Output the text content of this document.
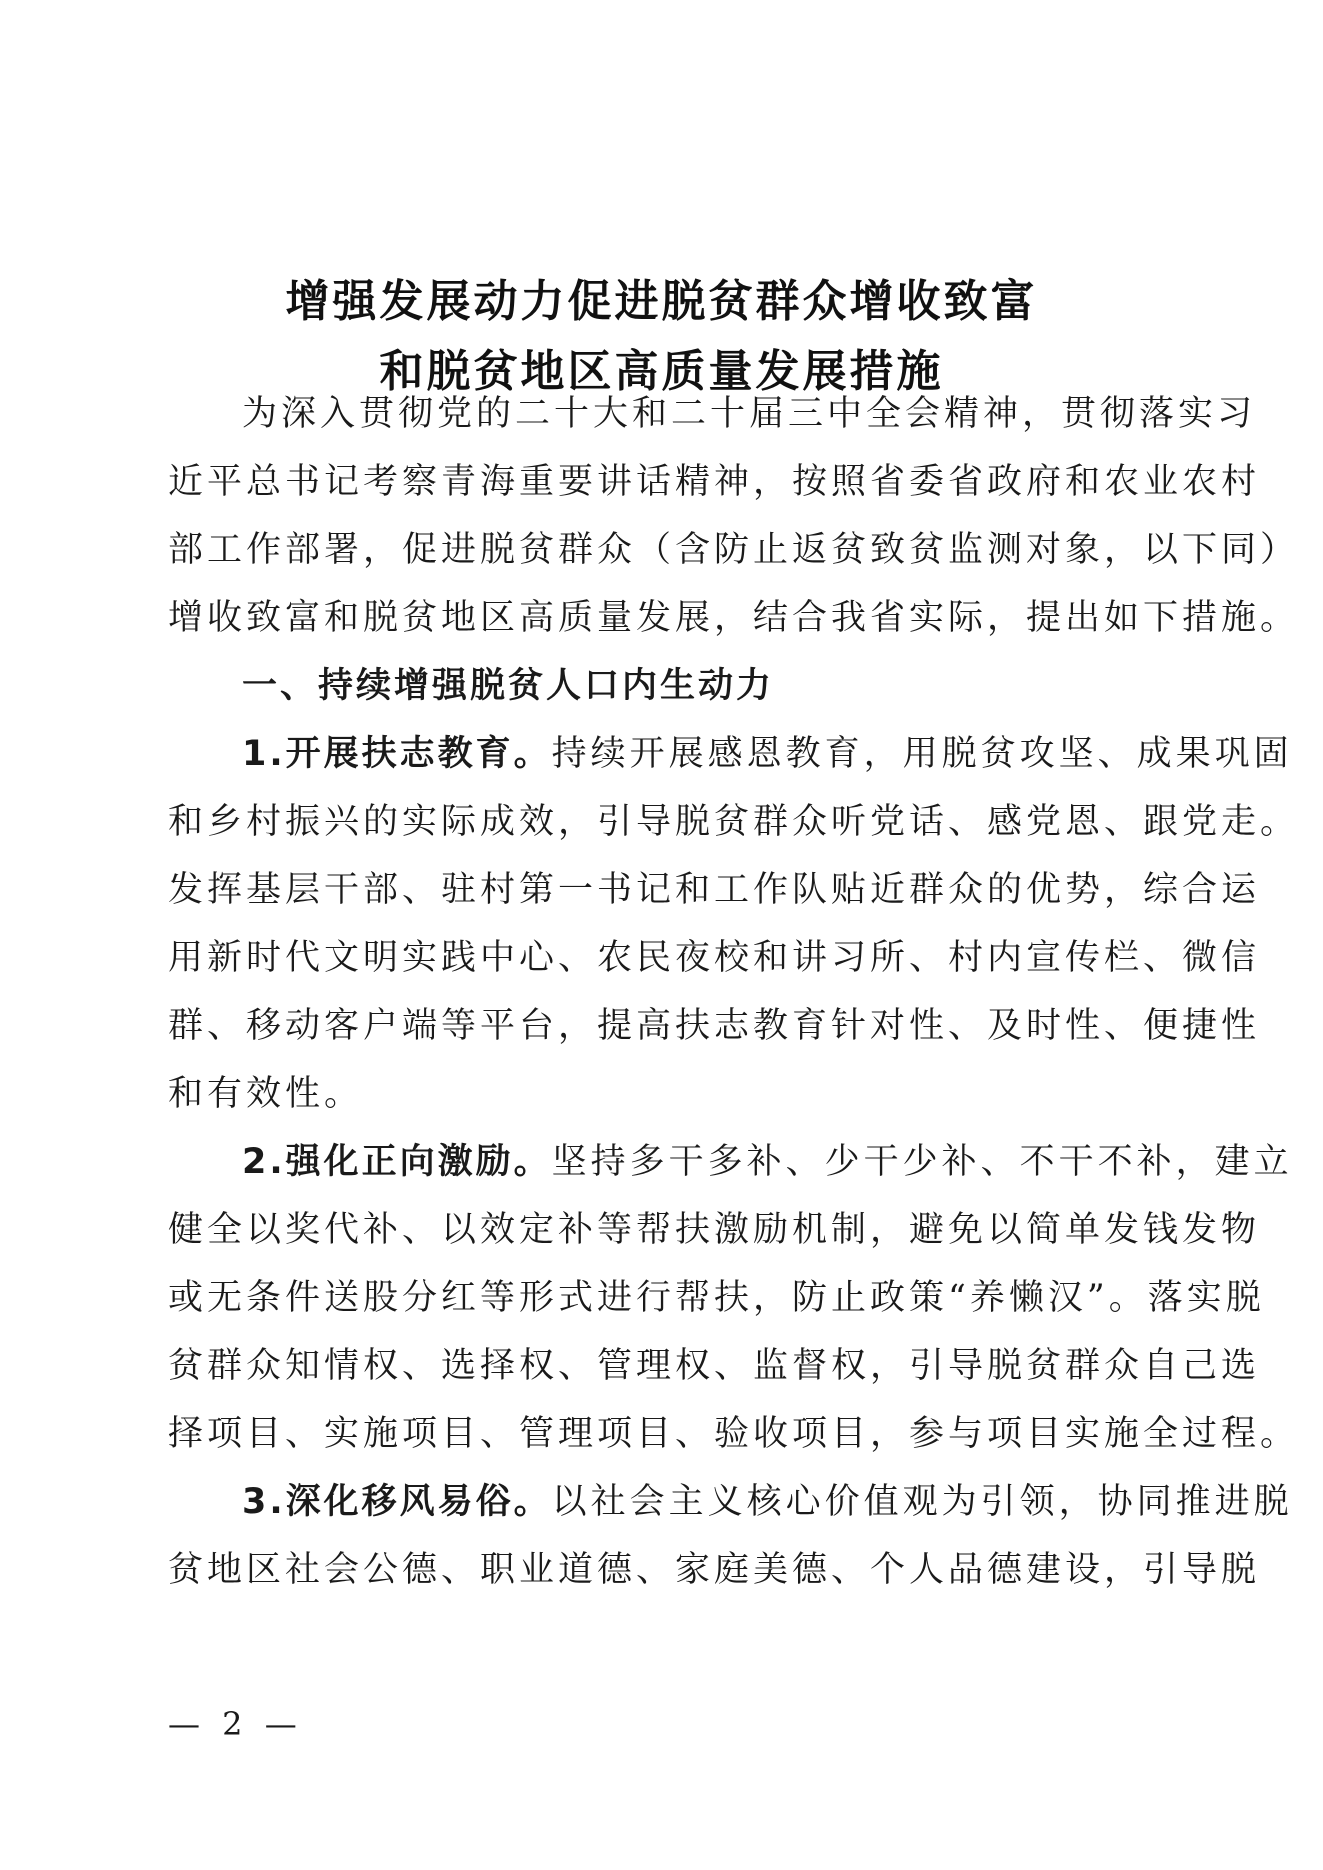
增强发展动力促进脱贫群众增收致富
和脱贫地区高质量发展措施
为深入贯彻党的二十大和二十届三中全会精神，贯彻落实习
近平总书记考察青海重要讲话精神，按照省委省政府和农业农村
部工作部署，促进脱贫群众（含防止返贫致贫监测对象，以下同）
增收致富和脱贫地区高质量发展，结合我省实际，提出如下措施。
一、持续增强脱贫人口内生动力
1.开展扶志教育。持续开展感恩教育，用脱贫攻坚、成果巩固
和乡村振兴的实际成效，引导脱贫群众听党话、感党恩、跟党走。
发挥基层干部、驻村第一书记和工作队贴近群众的优势，综合运
用新时代文明实践中心、农民夜校和讲习所、村内宣传栏、微信
群、移动客户端等平台，提高扶志教育针对性、及时性、便捷性
和有效性。
2.强化正向激励。坚持多干多补、少干少补、不干不补，建立
健全以奖代补、以效定补等帮扶激励机制，避免以简单发钱发物
或无条件送股分红等形式进行帮扶，防止政策“养懒汉”。落实脱
贫群众知情权、选择权、管理权、监督权，引导脱贫群众自己选
择项目、实施项目、管理项目、验收项目，参与项目实施全过程。
3.深化移风易俗。以社会主义核心价值观为引领，协同推进脱
贫地区社会公德、职业道德、家庭美德、个人品德建设，引导脱
— 2 —
